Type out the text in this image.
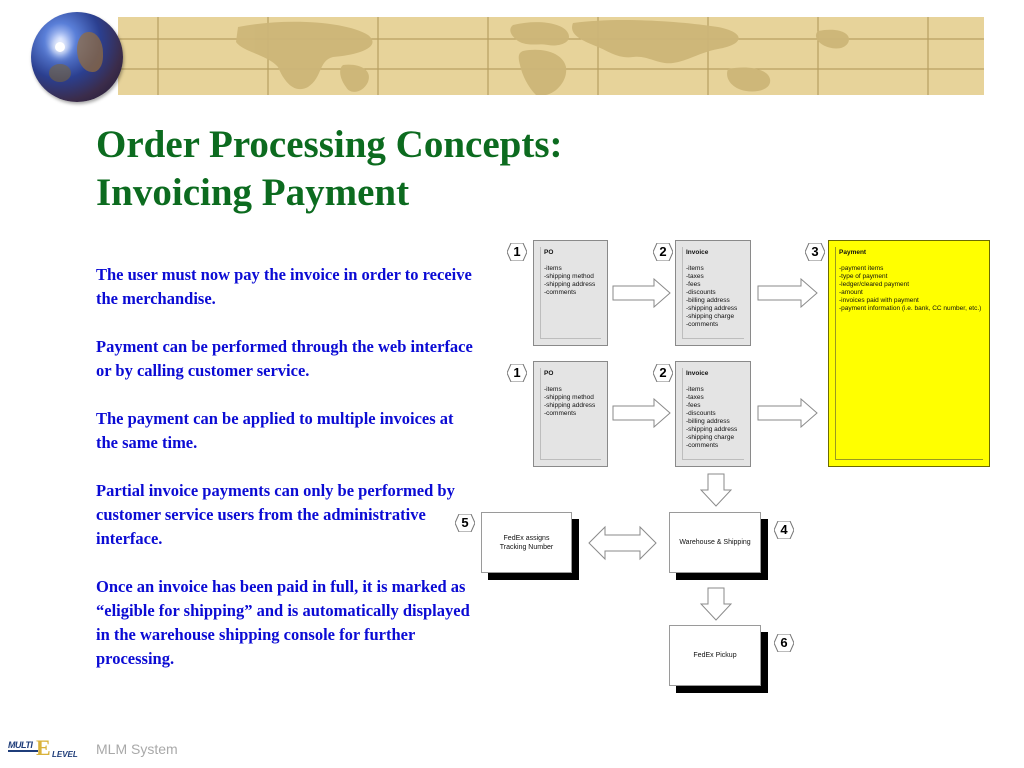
Order Processing Concepts:
Invoicing Payment

The user must now pay the invoice in order to receive the merchandise.

Payment can be performed through the web interface or by calling customer service.

The payment can be applied to multiple invoices at the same time.

Partial invoice payments can only be performed by customer service users from the administrative interface.

Once an invoice has been paid in full, it is marked as “eligible for shipping” and is automatically displayed in the warehouse shipping console for further processing.

1	PO
-items
-shipping method
-shipping address
-comments
2	Invoice
-items
-taxes
-fees
-discounts
-billing address
-shipping address
-shipping charge
-comments
3	Payment
-payment items
-type of payment
-ledger/cleared payment
-amount
-invoices paid with payment
-payment information (i.e. bank, CC number, etc.)
1	PO
-items
-shipping method
-shipping address
-comments
2	Invoice
-items
-taxes
-fees
-discounts
-billing address
-shipping address
-shipping charge
-comments
5
FedEx assigns Tracking Number
Warehouse & Shipping
4
FedEx Pickup
6
MULTI E LEVEL MLM System
